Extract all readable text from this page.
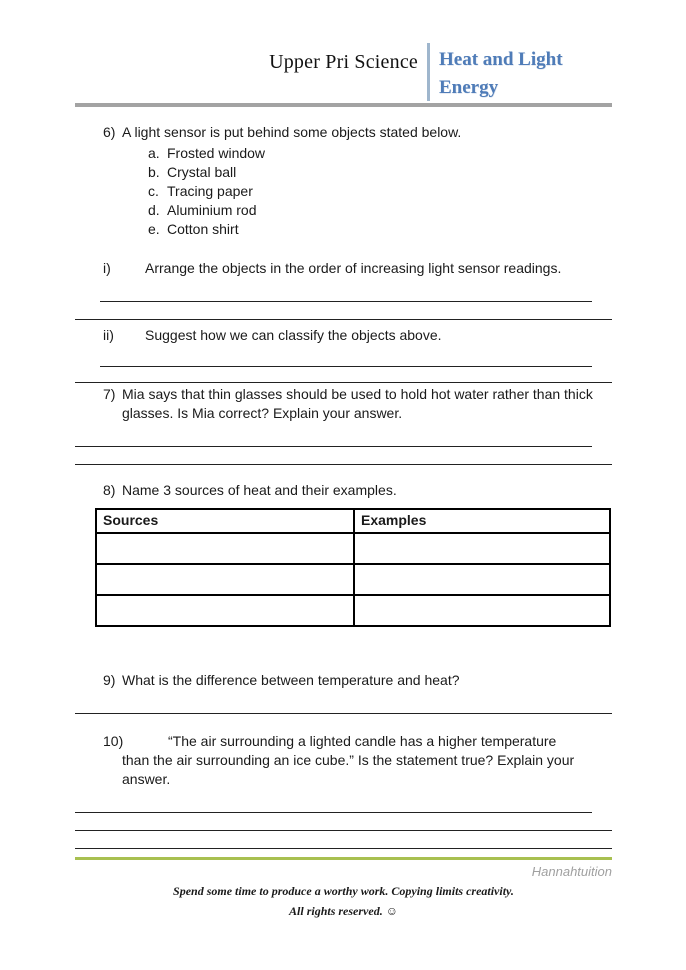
Upper Pri Science	Heat and Light
Energy
6) A light sensor is put behind some objects stated below.
a. Frosted window
b. Crystal ball
c. Tracing paper
d. Aluminium rod
e. Cotton shirt
i)	Arrange the objects in the order of increasing light sensor readings.
ii)	Suggest how we can classify the objects above.
7) Mia says that thin glasses should be used to hold hot water rather than thick glasses. Is Mia correct? Explain your answer.
8) Name 3 sources of heat and their examples.
Sources	Examples

9) What is the difference between temperature and heat?
10)	“The air surrounding a lighted candle has a higher temperature than the air surrounding an ice cube.” Is the statement true? Explain your answer.
Hannahtuition
Spend some time to produce a worthy work. Copying limits creativity.
All rights reserved. ☺
